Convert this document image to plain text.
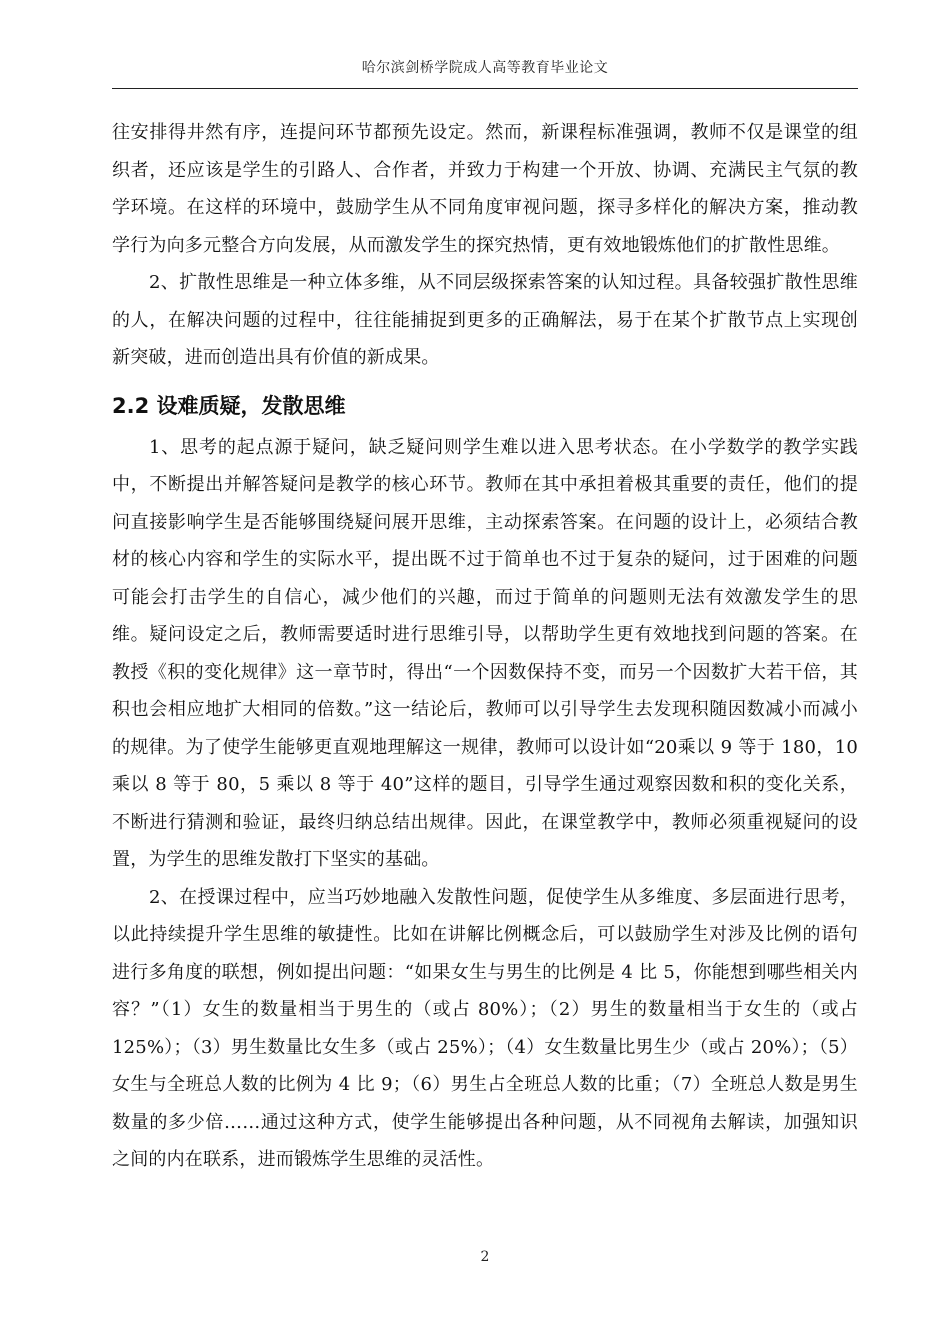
哈尔滨剑桥学院成人高等教育毕业论文

往安排得井然有序，连提问环节都预先设定。然而，新课程标准强调，教师不仅是课堂的组织者，还应该是学生的引路人、合作者，并致力于构建一个开放、协调、充满民主气氛的教学环境。在这样的环境中，鼓励学生从不同角度审视问题，探寻多样化的解决方案，推动教学行为向多元整合方向发展，从而激发学生的探究热情，更有效地锻炼他们的扩散性思维。

2、扩散性思维是一种立体多维，从不同层级探索答案的认知过程。具备较强扩散性思维的人，在解决问题的过程中，往往能捕捉到更多的正确解法，易于在某个扩散节点上实现创新突破，进而创造出具有价值的新成果。

2.2 设难质疑，发散思维

1、思考的起点源于疑问，缺乏疑问则学生难以进入思考状态。在小学数学的教学实践中，不断提出并解答疑问是教学的核心环节。教师在其中承担着极其重要的责任，他们的提问直接影响学生是否能够围绕疑问展开思维，主动探索答案。在问题的设计上，必须结合教材的核心内容和学生的实际水平，提出既不过于简单也不过于复杂的疑问，过于困难的问题可能会打击学生的自信心，减少他们的兴趣，而过于简单的问题则无法有效激发学生的思维。疑问设定之后，教师需要适时进行思维引导，以帮助学生更有效地找到问题的答案。在教授《积的变化规律》这一章节时，得出“一个因数保持不变，而另一个因数扩大若干倍，其积也会相应地扩大相同的倍数。”这一结论后，教师可以引导学生去发现积随因数减小而减小的规律。为了使学生能够更直观地理解这一规律，教师可以设计如“20乘以 9 等于 180，10 乘以 8 等于 80，5 乘以 8 等于 40”这样的题目，引导学生通过观察因数和积的变化关系，不断进行猜测和验证，最终归纳总结出规律。因此，在课堂教学中，教师必须重视疑问的设置，为学生的思维发散打下坚实的基础。

2、在授课过程中，应当巧妙地融入发散性问题，促使学生从多维度、多层面进行思考，以此持续提升学生思维的敏捷性。比如在讲解比例概念后，可以鼓励学生对涉及比例的语句进行多角度的联想，例如提出问题：“如果女生与男生的比例是 4 比 5，你能想到哪些相关内容？”（1）女生的数量相当于男生的（或占 80%）；（2）男生的数量相当于女生的（或占 125%）；（3）男生数量比女生多（或占 25%）；（4）女生数量比男生少（或占 20%）；（5）女生与全班总人数的比例为 4 比 9；（6）男生占全班总人数的比重；（7）全班总人数是男生数量的多少倍……通过这种方式，使学生能够提出各种问题，从不同视角去解读，加强知识之间的内在联系，进而锻炼学生思维的灵活性。

2
